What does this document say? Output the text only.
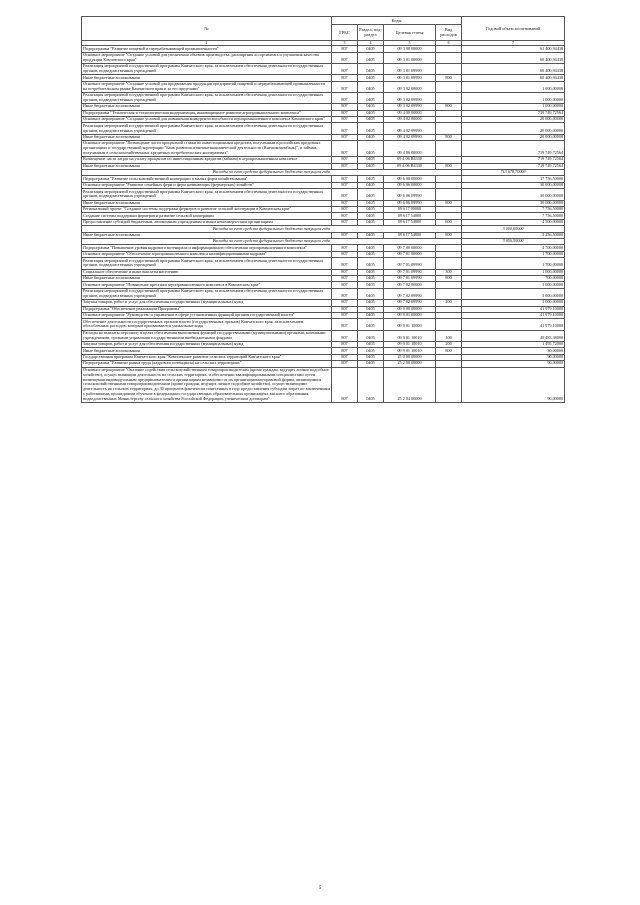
№	Коды				Годовой объем ассигнований
	ГРБС	Раздел, под-раздел	Целевая статья	Вид расходов	
2	3	4	5	6	7
Подпрограмма "Развитие пищевой и перерабатывающей промышленности"	807	0405	09 3 00 00000		61 400,94438
Основное мероприятие "Создание условий для увеличения объемов производства, расширения ассортимента и улучшения качества продукции Камчатского края"	807	0405	09 3 01 00000		60 400,94438
Реализация мероприятий государственной программы Камчатского края, за исключением обеспечения деятельности государственных органов, подведомственных учреждений	807	0405	09 3 01 09990		60 400,94438
Иные бюджетные ассигнования	807	0405	09 3 01 09990	800	60 400,94438
Основное мероприятие "Создание условий для продвижения продукции предприятий пищевой и перерабатывающей промышленности на потребительском рынке Камчатского края и за его пределами"	807	0405	09 3 02 00000		1 000,00000
Реализация мероприятий государственной программы Камчатского края, за исключением обеспечения деятельности государственных органов, подведомственных учреждений	807	0405	09 3 02 09990		1 000,00000
Иные бюджетные ассигнования	807	0405	09 3 02 09990	800	1 000,00000
Подпрограмма "Техническая и технологическая модернизация, инновационное развитие агропромышленного комплекса"	807	0405	09 4 00 00000		739 749,72564
Основное мероприятие "Создание условий для повышения конкурентоспособности агропромышленного комплекса Камчатского края"	807	0405	09 4 02 00000		20 000,00000
Реализация мероприятий государственной программы Камчатского края, за исключением обеспечения деятельности государственных органов, подведомственных учреждений	807	0405	09 4 02 09990		20 000,00000
Иные бюджетные ассигнования	807	0405	09 4 02 09990	800	20 000,00000
Основное мероприятие "Возмещение части процентной ставки по инвестиционным кредитам, полученным в российских кредитных организациях и государственной корпорации "Банк развития и внешнеэкономической деятельности (Внешэкономбанк)", и займам, полученным в сельскохозяйственных кредитных потребительских кооперативах"	807	0405	09 4 06 00000		719 749,72564
Возмещение части затрат на уплату процентов по инвестиционным кредитам (займам) в агропромышленном комплексе	807	0405	09 4 06 R4330		719 749,72564
Иные бюджетные ассигнования	807	0405	09 4 06 R4330	800	719 749,72564
Расходы за счет средств федерального бюджета текущего года					713 678,70000
Подпрограмма "Развитие сельскохозяйственной кооперации и малых форм хозяйствования"	807	0405	09 6 00 00000		37 756,50000
Основное мероприятие "Развитие семейных ферм и ферм начинающих (фермерских) хозяйств"	807	0405	09 6 06 00000		30 000,00000
Реализация мероприятий государственной программы Камчатского края, за исключением обеспечения деятельности государственных органов, подведомственных учреждений	807	0405	09 6 06 09990		30 000,00000
Иные бюджетные ассигнования	807	0405	09 6 06 09990	800	30 000,00000
Региональный проект "Создание системы поддержки фермеров и развитие сельской кооперации в Камчатском крае"	807	0405	09 6 I7 00000		7 756,50000
Создание системы поддержки фермеров и развитие сельской кооперации	807	0405	09 6 I7 54800		7 756,50000
Предоставление субсидий бюджетным, автономным учреждениям и иным некоммерческим организациям	807	0405	09 6 I7 54800	600	4 500,00000
Расходы за счет средств федерального бюджета текущего года					3 000,00000
Иные бюджетные ассигнования	807	0405	09 6 I7 54800	800	3 256,50000
Расходы за счет средств федерального бюджета текущего года					3 056,50000
Подпрограмма "Повышение уровня кадрового потенциала и информационного обеспечения агропромышленного комплекса"	807	0405	09 7 00 00000		4 700,00000
Основное мероприятие "Обеспечение агропромышленного комплекса квалифицированными кадрами"	807	0405	09 7 01 00000		1 700,00000
Реализация мероприятий государственной программы Камчатского края, за исключением обеспечения деятельности государственных органов, подведомственных учреждений	807	0405	09 7 01 09990		1 700,00000
Социальное обеспечение и иные выплаты населению	807	0405	09 7 01 09990	300	1 000,00000
Иные бюджетные ассигнования	807	0405	09 7 01 09990	800	700,00000
Основное мероприятие "Повышение престижа агропромышленного комплекса в Камчатском крае"	807	0405	09 7 02 00000		3 000,00000
Реализация мероприятий государственной программы Камчатского края, за исключением обеспечения деятельности государственных органов, подведомственных учреждений	807	0405	09 7 02 09990		3 000,00000
Закупка товаров, работ и услуг для обеспечения государственных (муниципальных) нужд	807	0405	09 7 02 09990	200	3 000,00000
Подпрограмма "Обеспечение реализации Программы"	807	0405	09 9 00 00000		41 979,10000
Основное мероприятие "Руководство и управление в сфере установленных функций органов государственной власти"	807	0405	09 9 01 00000		41 979,10000
Обеспечение деятельности государственных органов власти (государственных органов) Камчатского края, за исключением обособленных расходов, которым присваиваются уникальные коды	807	0405	09 9 01 10000		41 979,10000
Расходы на выплаты персоналу в целях обеспечения выполнения функций государственными (муниципальными) органами, казенными учреждениями, органами управления государственными внебюджетными фондами	807	0405	09 9 01 10010	100	40 483,38000
Закупка товаров, работ и услуг для обеспечения государственных (муниципальных) нужд	807	0405	09 9 01 10010	200	1 495,72000
Иные бюджетные ассигнования	807	0405	09 9 01 10010	800	30,00000
Государственная программа Камчатского края "Комплексное развитие сельских территорий Камчатского края"	807	0405	25 0 00 00000		90,00000
Подпрограмма "Развитие рынка труда (кадрового потенциала) на сельских территориях"	807	0405	25 2 00 00000		90,00000
Основное мероприятие "Оказание содействия сельскохозяйственным товаропроизводителям (кроме граждан, ведущих личное подсобное хозяйство), осуществляющим деятельность на сельских территориях, и обеспечении квалифицированными специалистами путем возмещения индивидуальным предпринимателям и организациям независимо от их организационно-правовой формы, являющимися сельскохозяйственными товаропроизводителями (кроме граждан, ведущих личное подсобное хозяйство), осуществляющими деятельность на сельских территориях, до 30 процентов фактически понесенных в году предоставления субсидии затрат по заключенным с работниками, прошедшими обучение в федеральных государственных образовательных организациях высшего образования, подведомственных Министерству сельского хозяйства Российской Федерации, ученическим договорам"	807	0405	25 2 04 00000		90,00000
5
